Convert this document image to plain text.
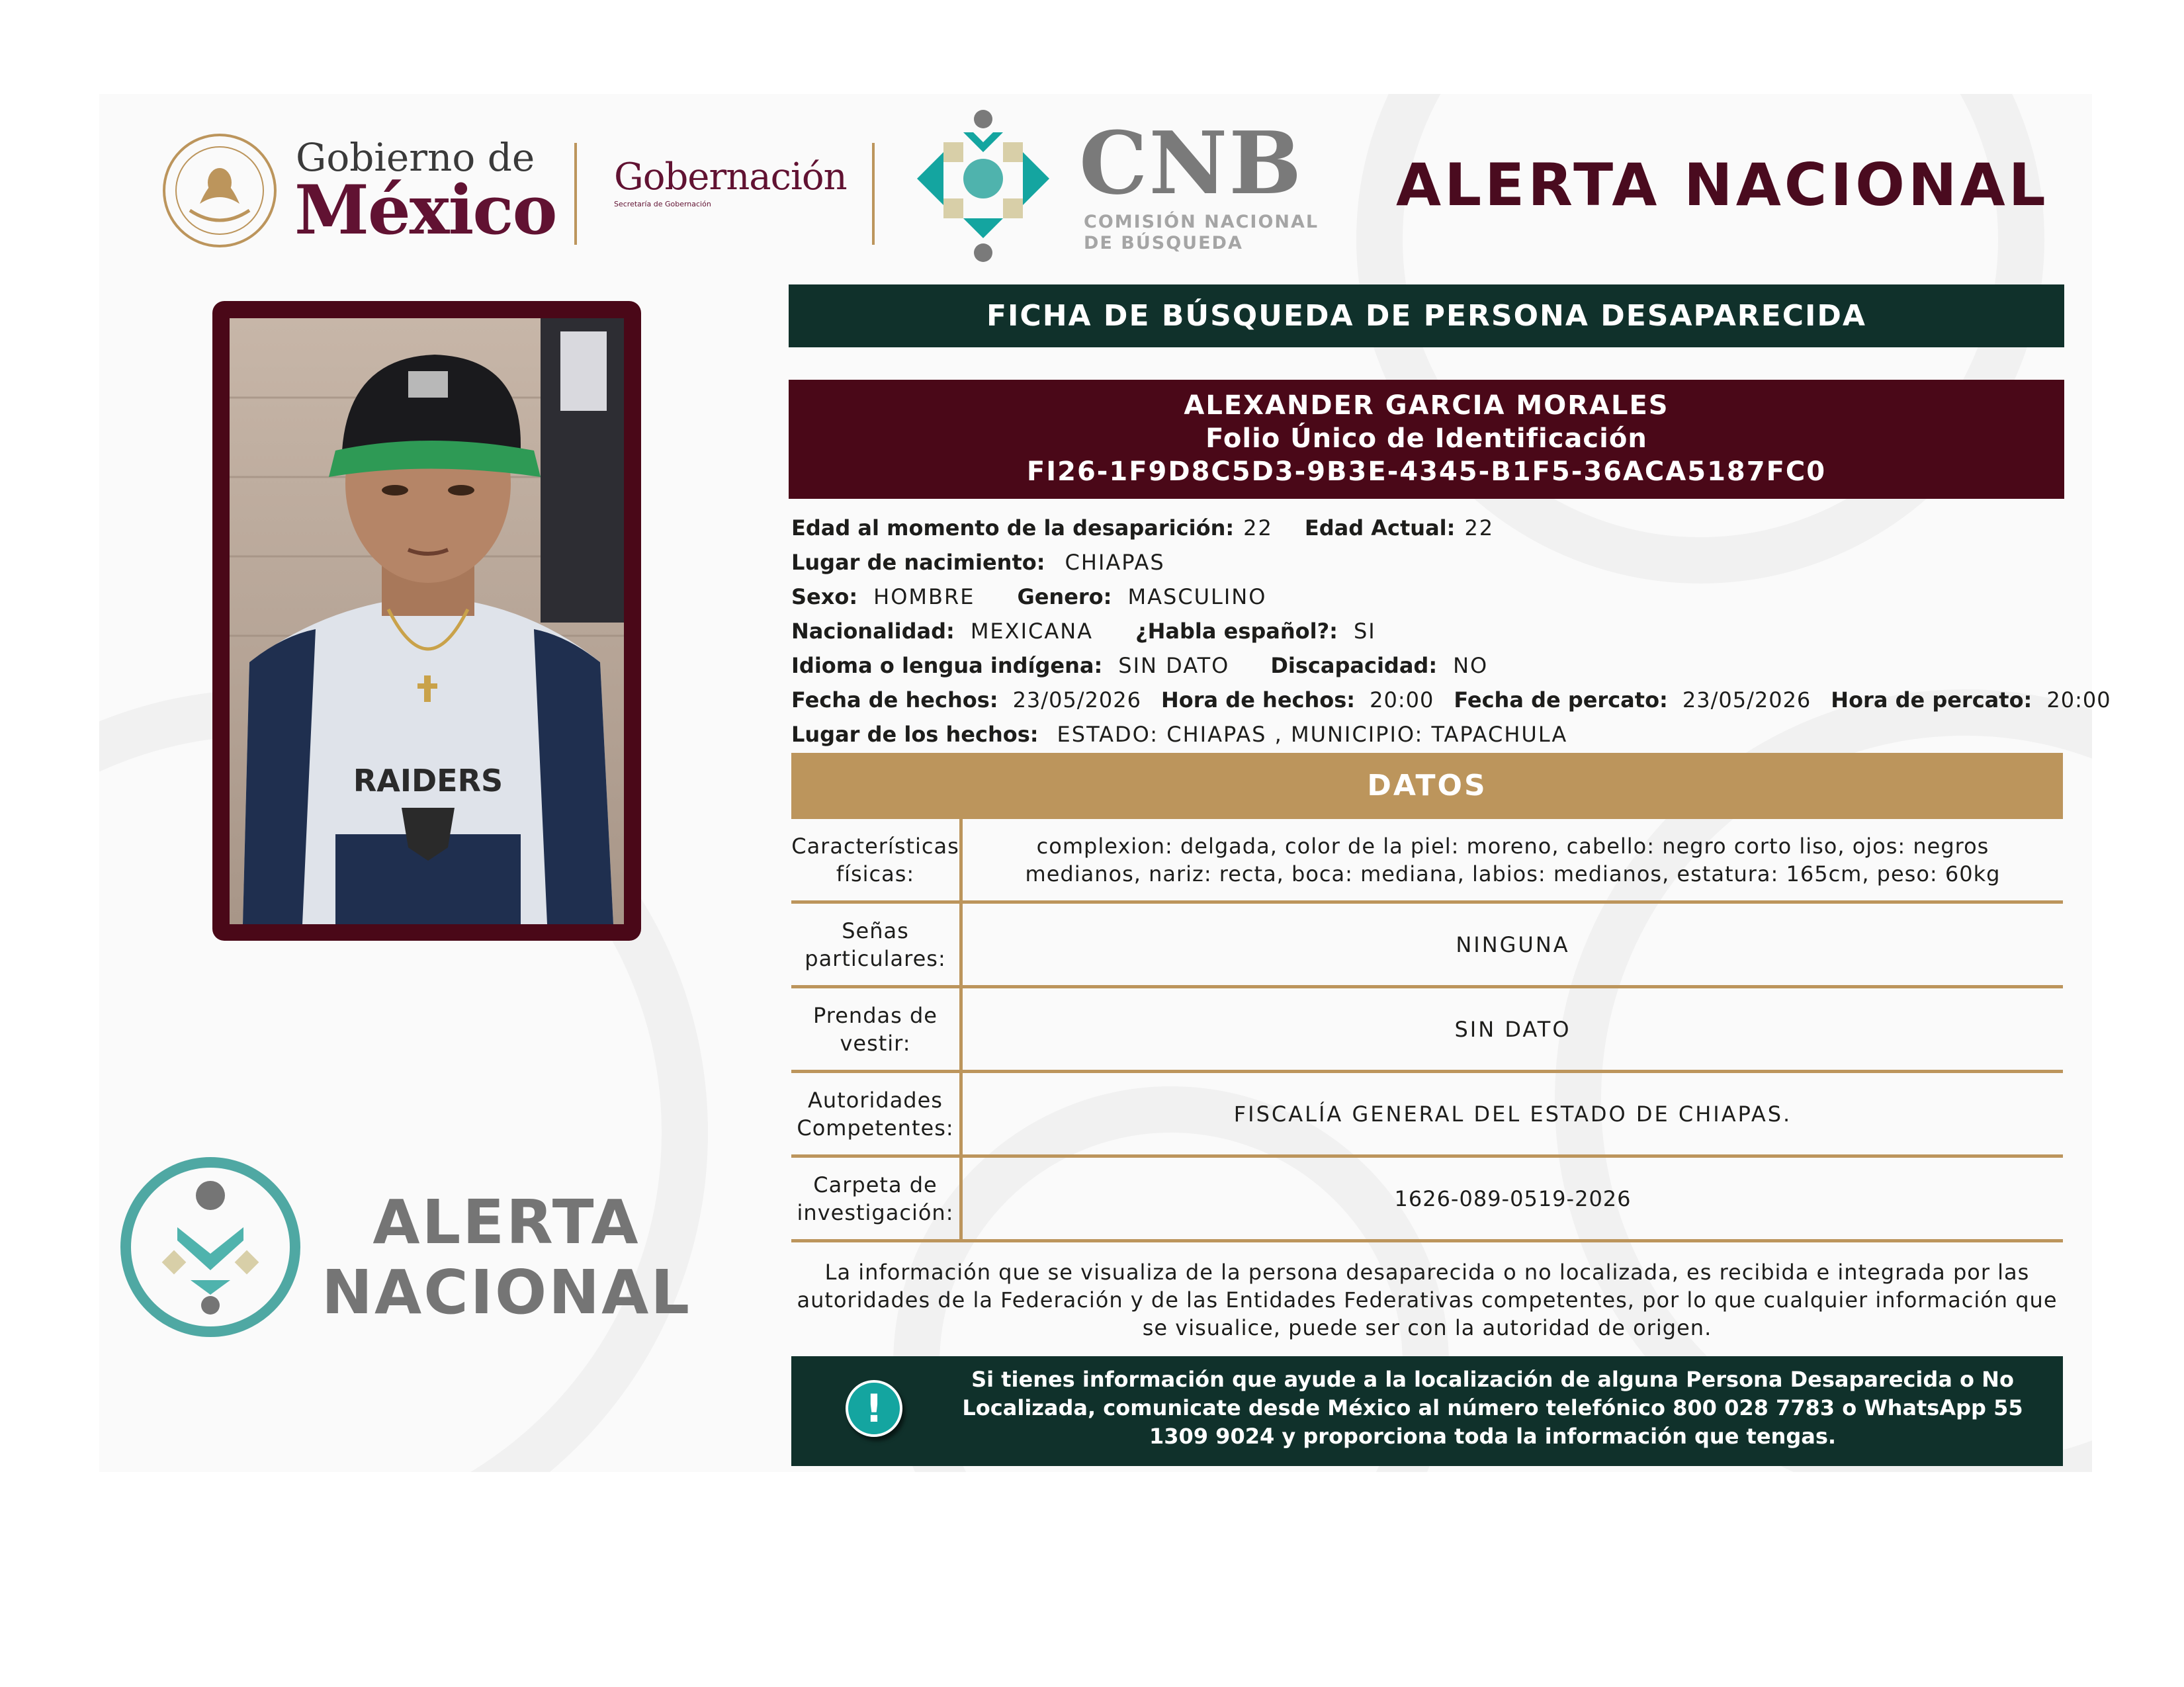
Gobierno de
México Gobernación
Secretaría de Gobernación	CNB
COMISIÓN NACIONAL
DE BÚSQUEDA
ALERTA NACIONAL
RAIDERS
ALERTA
NACIONAL
FICHA DE BÚSQUEDA DE PERSONA DESAPARECIDA
ALEXANDER GARCIA MORALES
Folio Único de Identificación
FI26-1F9D8C5D3-9B3E-4345-B1F5-36ACA5187FC0
Edad al momento de la desaparición: 22 Edad Actual: 22
Lugar de nacimiento: CHIAPAS
Sexo: HOMBRE Genero: MASCULINO
Nacionalidad: MEXICANA ¿Habla español?: SI
Idioma o lengua indígena: SIN DATO Discapacidad: NO
Fecha de hechos: 23/05/2026 Hora de hechos: 20:00 Fecha de percato: 23/05/2026 Hora de percato: 20:00
Lugar de los hechos: ESTADO: CHIAPAS , MUNICIPIO: TAPACHULA
DATOS
Características físicas:
complexion: delgada, color de la piel: moreno, cabello: negro corto liso, ojos: negros medianos, nariz: recta, boca: mediana, labios: medianos, estatura: 165cm, peso: 60kg
Señas particulares:
NINGUNA
Prendas de vestir:
SIN DATO
Autoridades Competentes:
FISCALÍA GENERAL DEL ESTADO DE CHIAPAS.
Carpeta de investigación:
1626-089-0519-2026
La información que se visualiza de la persona desaparecida o no localizada, es recibida e integrada por las autoridades de la Federación y de las Entidades Federativas competentes, por lo que cualquier información que se visualice, puede ser con la autoridad de origen.
!
Si tienes información que ayude a la localización de alguna Persona Desaparecida o No Localizada, comunicate desde México al número telefónico 800 028 7783 o WhatsApp 55 1309 9024 y proporciona toda la información que tengas.
